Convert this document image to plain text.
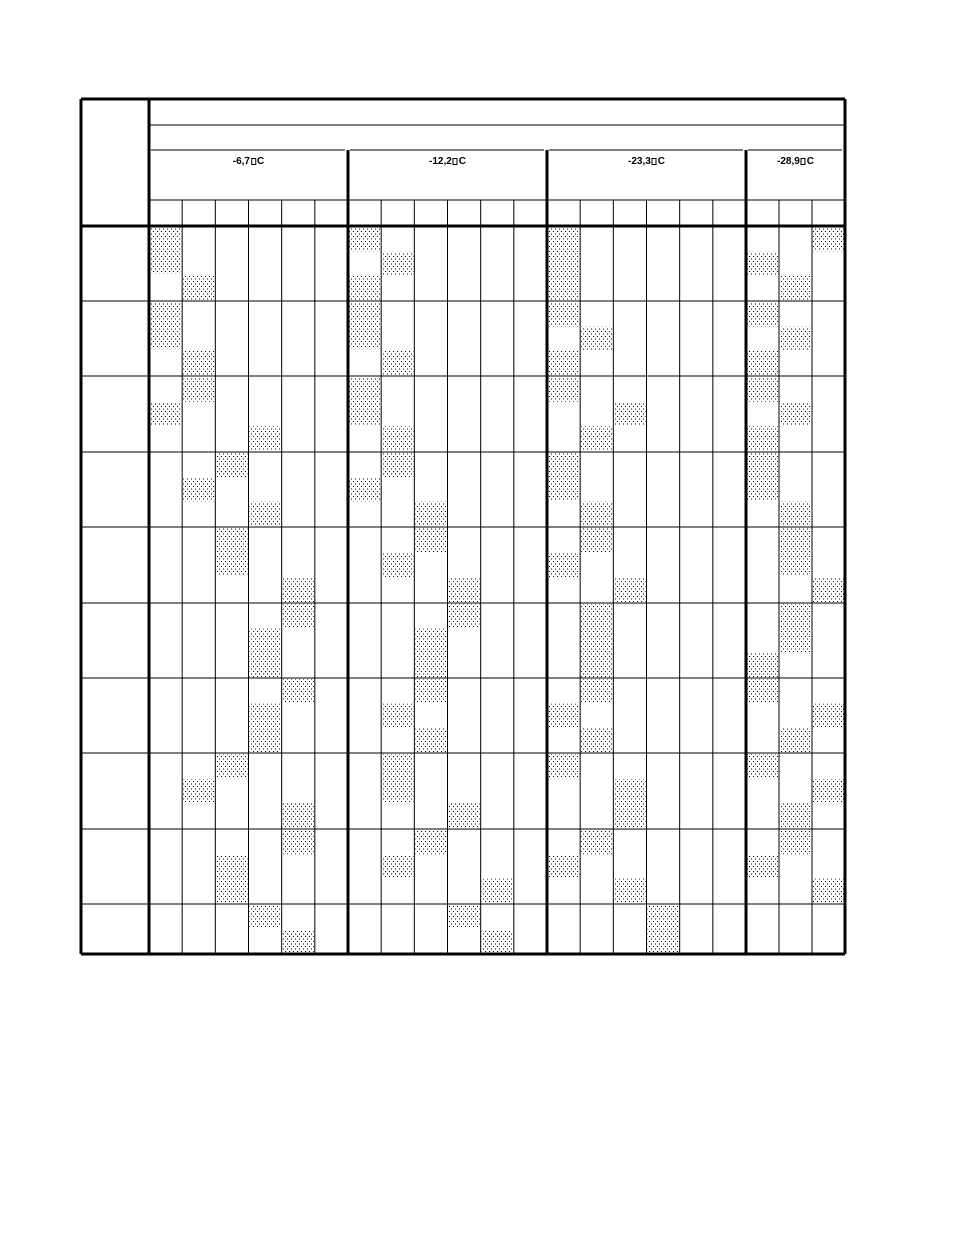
-6,7 C	-12,2 C	-23,3 C	-28,9 C
